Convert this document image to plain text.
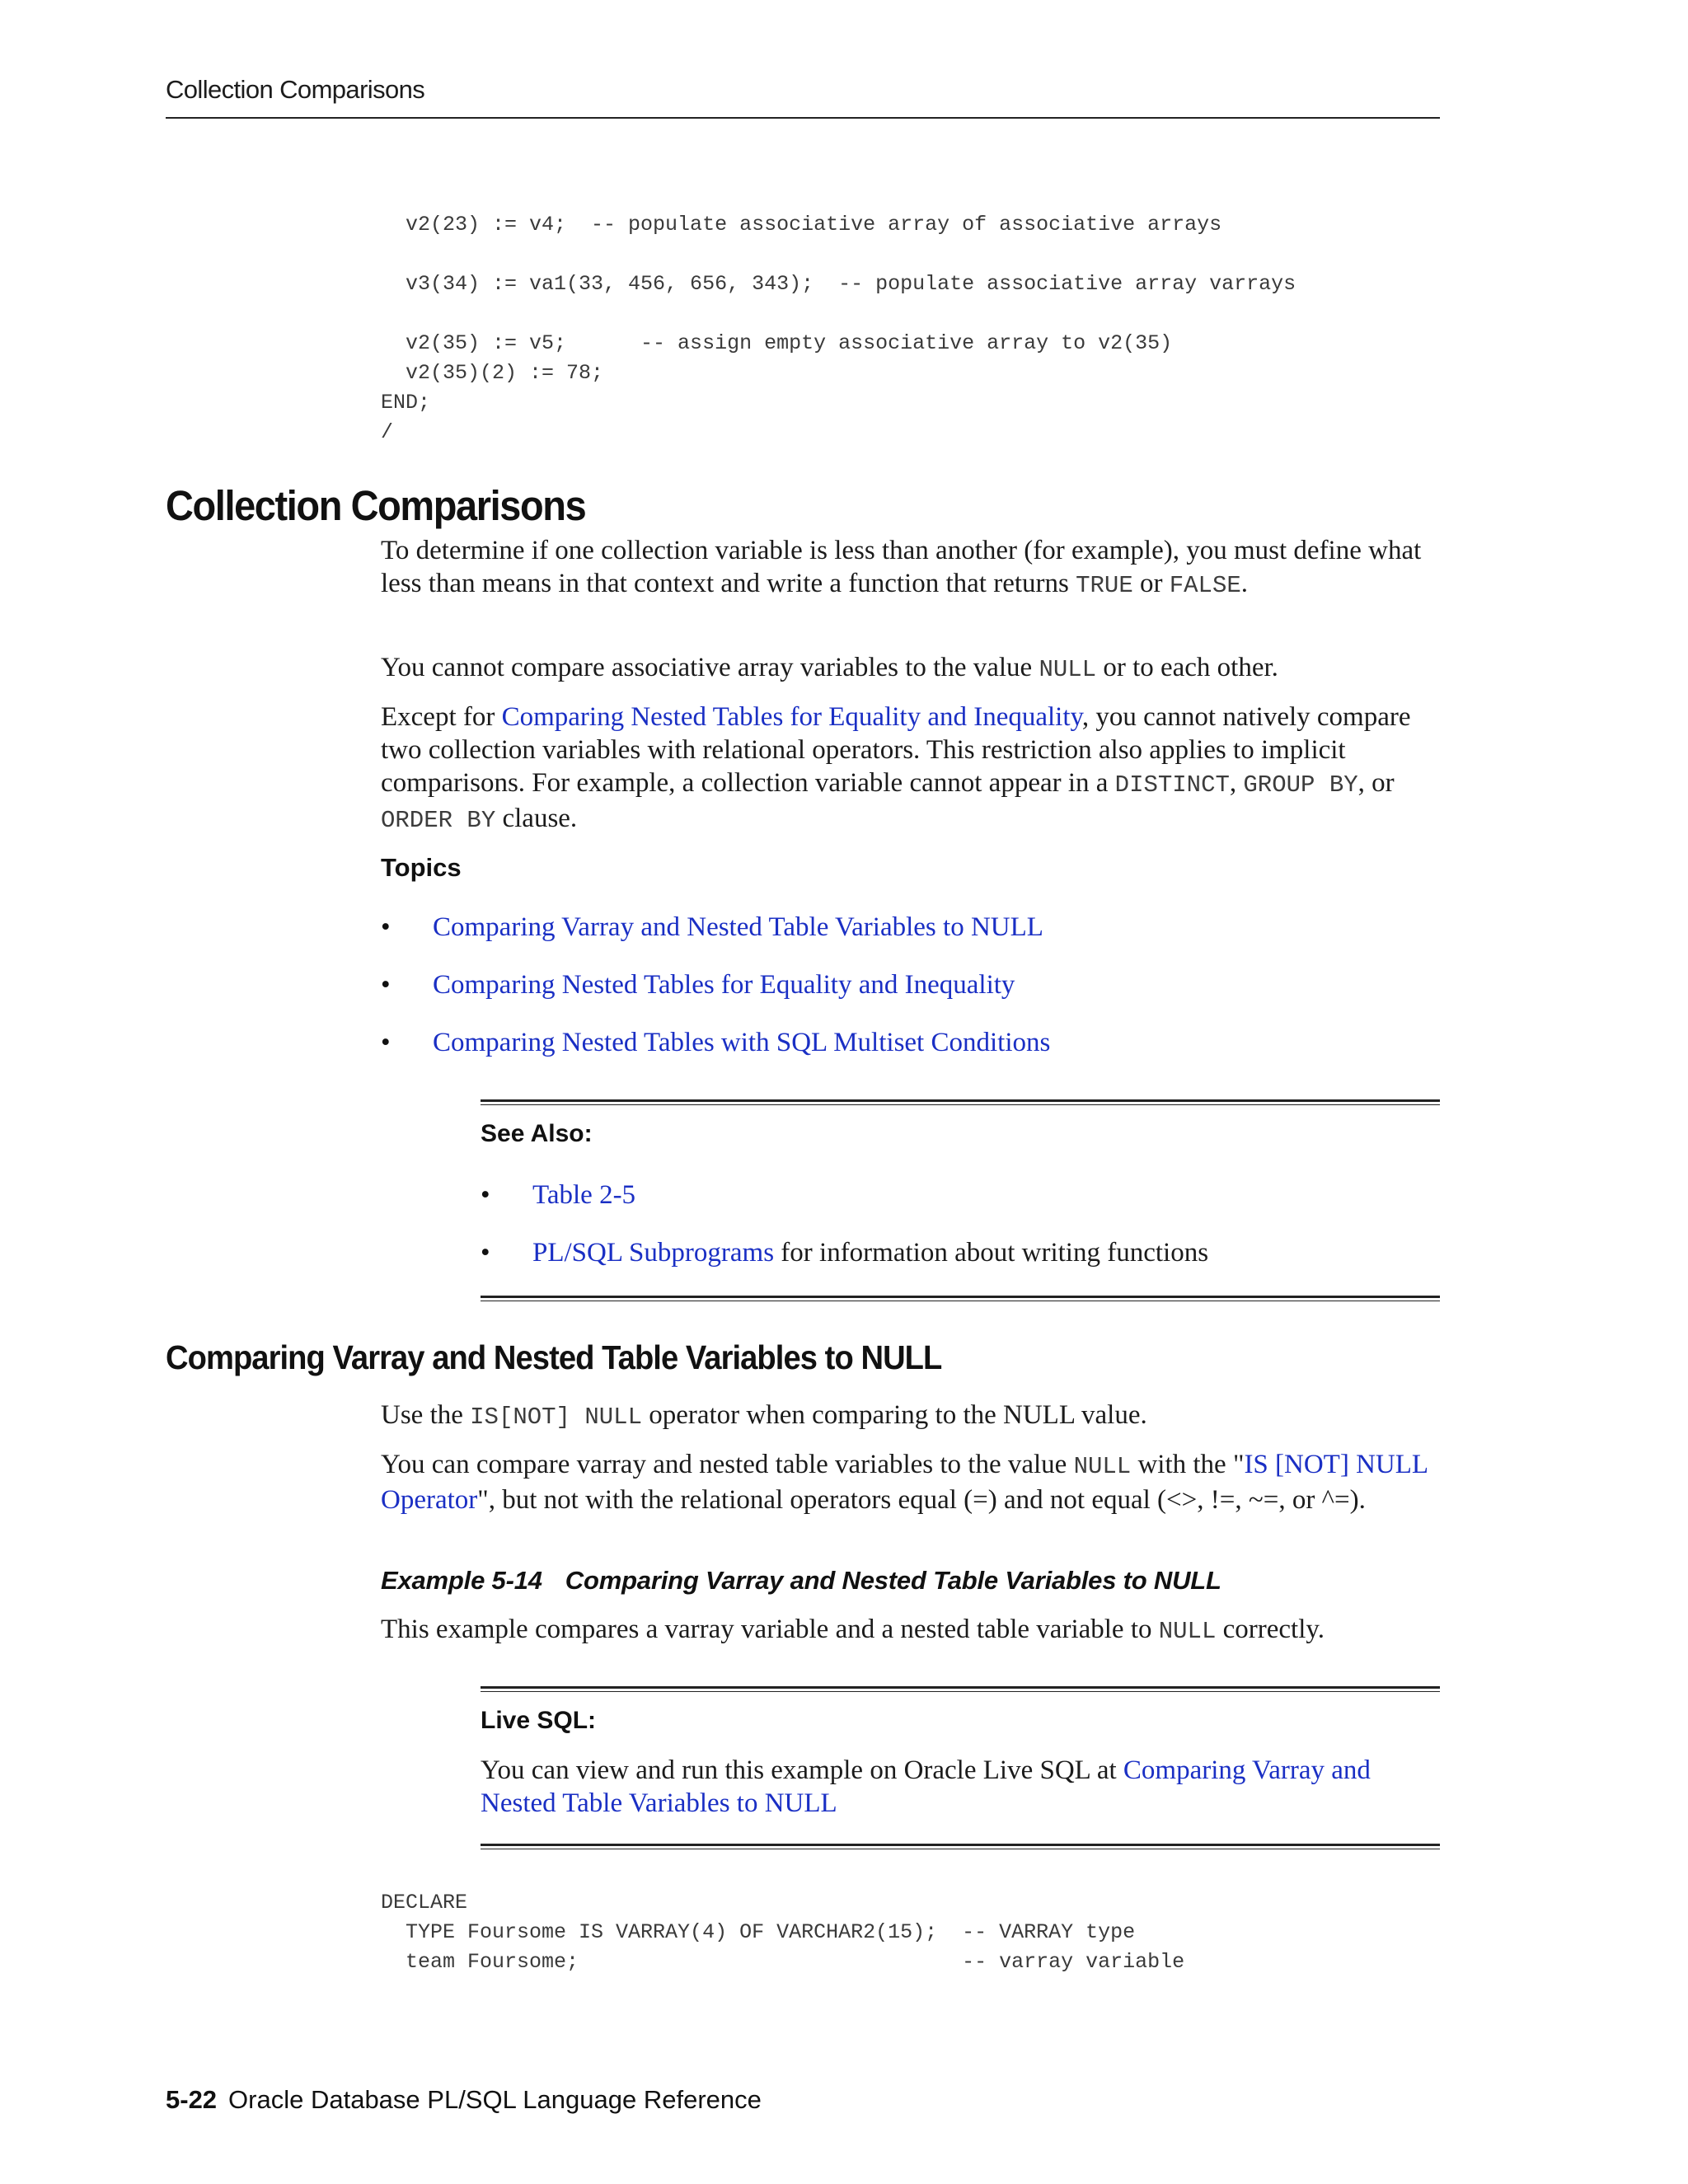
Collection Comparisons
v2(23) := v4;  -- populate associative array of associative arrays
v3(34) := va1(33, 456, 656, 343);  -- populate associative array varrays
v2(35) := v5;      -- assign empty associative array to v2(35)
v2(35)(2) := 78;
END;
/
Collection Comparisons

To determine if one collection variable is less than another (for example), you must define what less than means in that context and write a function that returns TRUE or FALSE.

You cannot compare associative array variables to the value NULL or to each other.

Except for Comparing Nested Tables for Equality and Inequality, you cannot natively compare two collection variables with relational operators. This restriction also applies to implicit comparisons. For example, a collection variable cannot appear in a DISTINCT, GROUP BY, or ORDER BY clause.

Topics
• Comparing Varray and Nested Table Variables to NULL
• Comparing Nested Tables for Equality and Inequality
• Comparing Nested Tables with SQL Multiset Conditions
See Also:
• Table 2-5
• PL/SQL Subprograms for information about writing functions
Comparing Varray and Nested Table Variables to NULL

Use the IS[NOT] NULL operator when comparing to the NULL value.

You can compare varray and nested table variables to the value NULL with the "IS [NOT] NULL Operator", but not with the relational operators equal (=) and not equal (<>, !=, ~=, or ^=).

Example 5-14 Comparing Varray and Nested Table Variables to NULL

This example compares a varray variable and a nested table variable to NULL correctly.

Live SQL:

You can view and run this example on Oracle Live SQL at Comparing Varray and Nested Table Variables to NULL

DECLARE
TYPE Foursome IS VARRAY(4) OF VARCHAR2(15);  -- VARRAY type
team Foursome;                               -- varray variable
5-22 Oracle Database PL/SQL Language Reference
